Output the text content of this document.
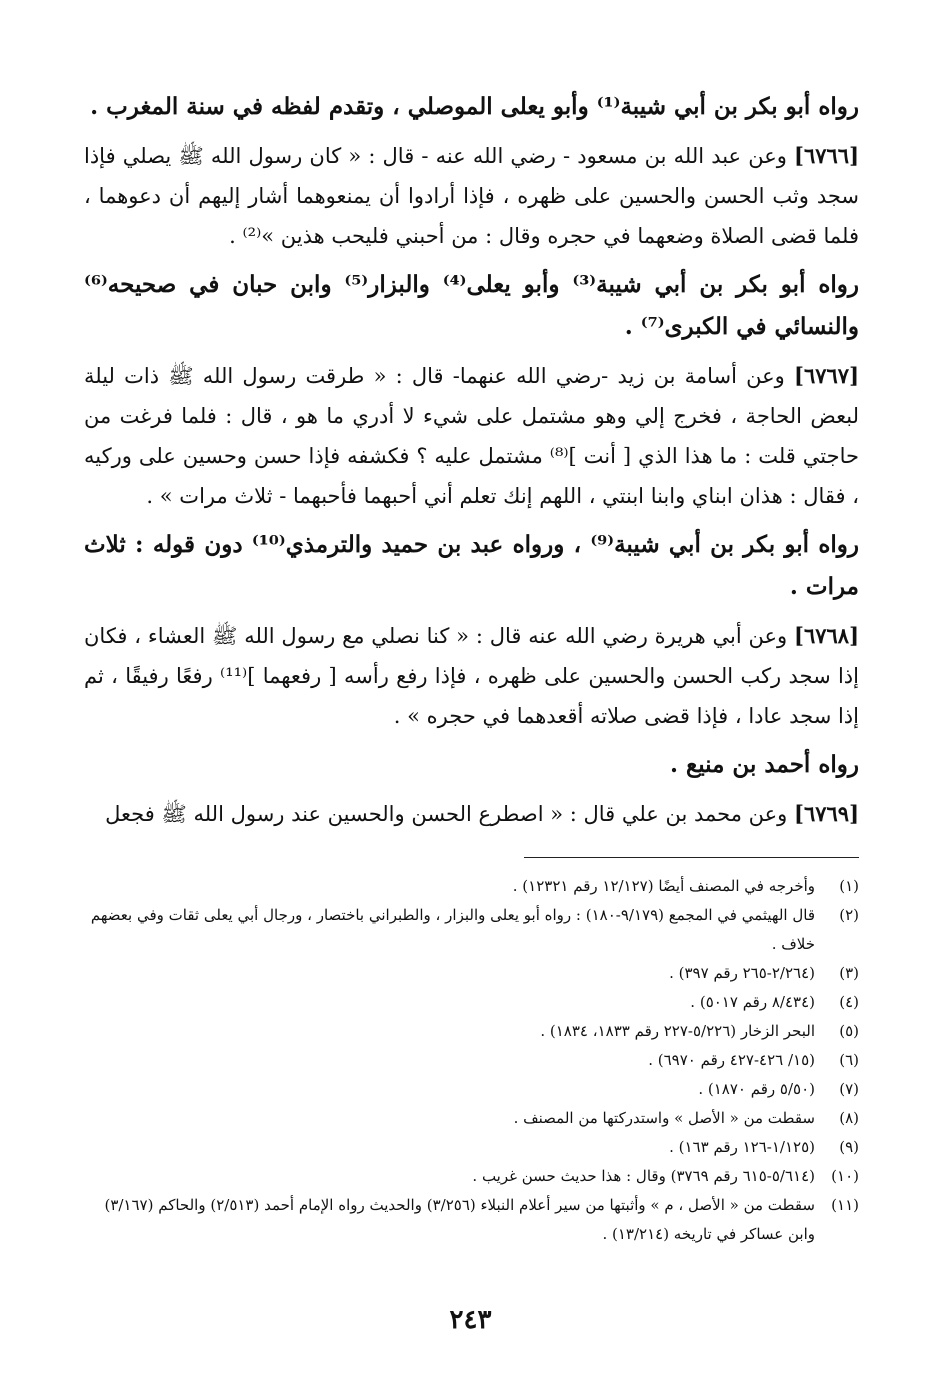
رواه أبو بكر بن أبي شيبة⁽¹⁾ وأبو يعلى الموصلي ، وتقدم لفظه في سنة المغرب .

[٦٧٦٦] وعن عبد الله بن مسعود - رضي الله عنه - قال : « كان رسول الله ﷺ يصلي فإذا سجد وثب الحسن والحسين على ظهره ، فإذا أرادوا أن يمنعوهما أشار إليهم أن دعوهما ، فلما قضى الصلاة وضعهما في حجره وقال : من أحبني فليحب هذين »⁽²⁾ .

رواه أبو بكر بن أبي شيبة⁽³⁾ وأبو يعلى⁽⁴⁾ والبزار⁽⁵⁾ وابن حبان في صحيحه⁽⁶⁾ والنسائي في الكبرى⁽⁷⁾ .

[٦٧٦٧] وعن أسامة بن زيد -رضي الله عنهما- قال : « طرقت رسول الله ﷺ ذات ليلة لبعض الحاجة ، فخرج إلي وهو مشتمل على شيء لا أدري ما هو ، قال : فلما فرغت من حاجتي قلت : ما هذا الذي [ أنت ]⁽⁸⁾ مشتمل عليه ؟ فكشفه فإذا حسن وحسين على وركيه ، فقال : هذان ابناي وابنا ابنتي ، اللهم إنك تعلم أني أحبهما فأحبهما - ثلاث مرات » .

رواه أبو بكر بن أبي شيبة⁽⁹⁾ ، ورواه عبد بن حميد والترمذي⁽¹⁰⁾ دون قوله : ثلاث مرات .

[٦٧٦٨] وعن أبي هريرة رضي الله عنه قال : « كنا نصلي مع رسول الله ﷺ العشاء ، فكان إذا سجد ركب الحسن والحسين على ظهره ، فإذا رفع رأسه [ رفعهما ]⁽¹¹⁾ رفعًا رفيقًا ، ثم إذا سجد عادا ، فإذا قضى صلاته أقعدهما في حجره » .

رواه أحمد بن منيع .

[٦٧٦٩] وعن محمد بن علي قال : « اصطرع الحسن والحسين عند رسول الله ﷺ فجعل

(١)
وأخرجه في المصنف أيضًا (١٢/١٢٧ رقم ١٢٣٢١) .
(٢)
قال الهيثمي في المجمع (٩/١٧٩-١٨٠) : رواه أبو يعلى والبزار ، والطبراني باختصار ، ورجال أبي يعلى ثقات وفي بعضهم خلاف .
(٣)
(٢/٢٦٤-٢٦٥ رقم ٣٩٧) .
(٤)
(٨/٤٣٤ رقم ٥٠١٧) .
(٥)
البحر الزخار (٥/٢٢٦-٢٢٧ رقم ١٨٣٣، ١٨٣٤) .
(٦)
(١٥/ ٤٢٦-٤٢٧ رقم ٦٩٧٠) .
(٧)
(٥/٥٠ رقم ١٨٧٠) .
(٨)
سقطت من « الأصل » واستدركتها من المصنف .
(٩)
(١/١٢٥-١٢٦ رقم ١٦٣) .
(١٠)
(٥/٦١٤-٦١٥ رقم ٣٧٦٩) وقال : هذا حديث حسن غريب .
(١١)
سقطت من « الأصل ، م » وأثبتها من سير أعلام النبلاء (٣/٢٥٦) والحديث رواه الإمام أحمد (٢/٥١٣) والحاكم (٣/١٦٧) وابن عساكر في تاريخه (١٣/٢١٤) .
٢٤٣
